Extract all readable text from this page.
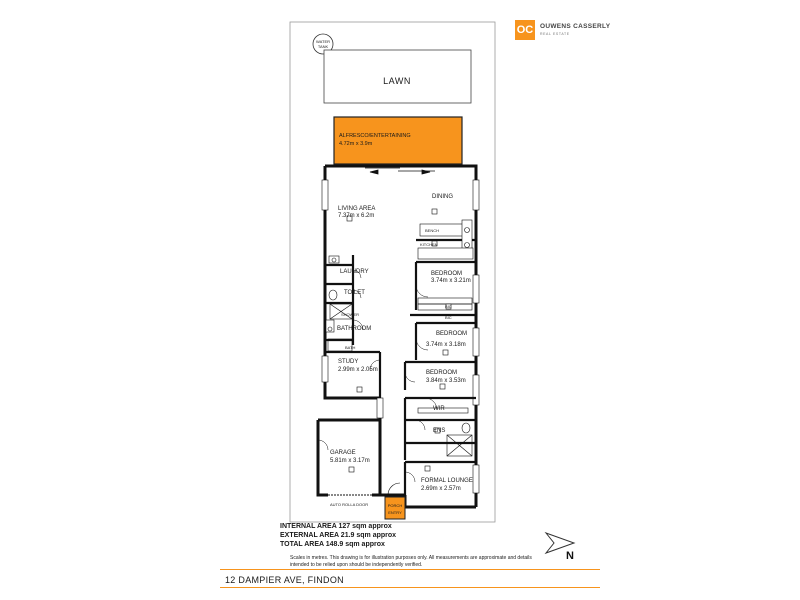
WATER
TANK
LAWN
ALFRESCO/ENTERTAINING
4.72m x 3.9m
AUTO ROLLA DOOR	PORCH
ENTRY
DINING
LIVING AREA
7.37m x 6.2m
BENCH
KITCHEN
LAUNDRY
TOILET
SHOWER
BATHROOM
BATH
STUDY
2.99m x 2.05m
BEDROOM
3.74m x 3.21m
BIC
BIC
BEDROOM
3.74m x 3.18m
BEDROOM
3.84m x 3.53m
WIR
ENS
GARAGE
5.81m x 3.17m
FORMAL LOUNGE
2.69m x 2.57m
OC OUWENS CASSERLY
REAL ESTATE
INTERNAL AREA 127 sqm approx
EXTERNAL AREA 21.9 sqm approx
TOTAL AREA 148.9 sqm approx
N
Scales in metres. This drawing is for illustration purposes only. All measurements are approximate and details intended to be relied upon should be independently verified.
12 DAMPIER AVE, FINDON
